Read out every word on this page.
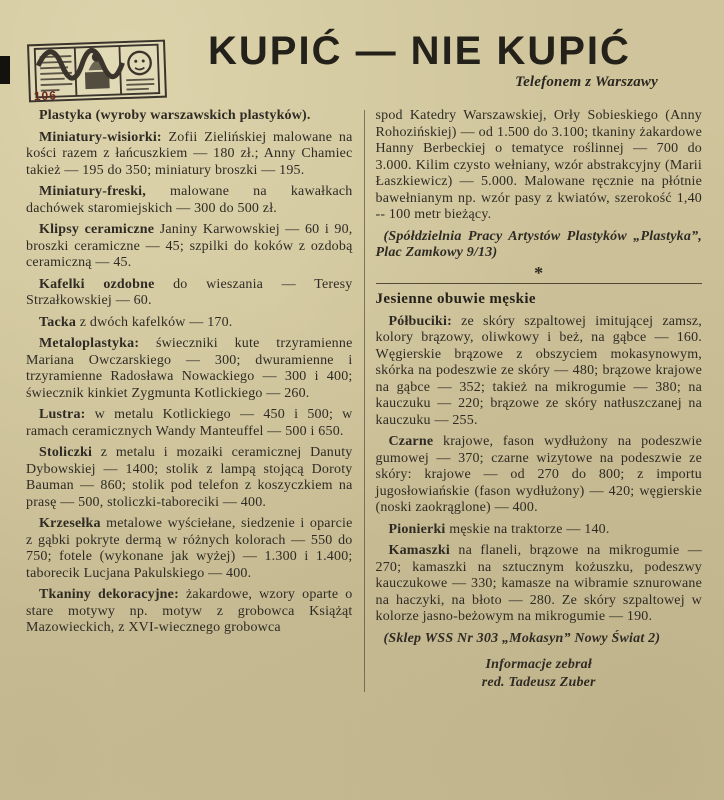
106
KUPIĆ — NIE KUPIĆ
Telefonem z Warszawy

Plastyka (wyroby warszawskich plastyków).

Miniatury-wisiorki: Zofii Zielińskiej malowane na kości razem z łańcuszkiem — 180 zł.; Anny Chamiec takież — 195 do 350; miniatury broszki — 195.

Miniatury-freski, malowane na kawałkach dachówek staromiejskich — 300 do 500 zł.

Klipsy ceramiczne Janiny Karwowskiej — 60 i 90, broszki ceramiczne — 45; szpilki do koków z ozdobą ceramiczną — 45.

Kafelki ozdobne do wieszania — Teresy Strzałkowskiej — 60.

Tacka z dwóch kafelków — 170.

Metaloplastyka: świeczniki kute trzyramienne Mariana Owczarskiego — 300; dwuramienne i trzyramienne Radosława Nowackiego — 300 i 400; świecznik kinkiet Zygmunta Kotlickiego — 260.

Lustra: w metalu Kotlickiego — 450 i 500; w ramach ceramicznych Wandy Manteuffel — 500 i 650.

Stoliczki z metalu i mozaiki ceramicznej Danuty Dybowskiej — 1400; stolik z lampą stojącą Doroty Bauman — 860; stolik pod telefon z koszyczkiem na prasę — 500, stoliczki-taboreciki — 400.

Krzesełka metalowe wyściełane, siedzenie i oparcie z gąbki pokryte dermą w różnych kolorach — 550 do 750; fotele (wykonane jak wyżej) — 1.300 i 1.400; taborecik Lucjana Pakulskiego — 400.

Tkaniny dekoracyjne: żakardowe, wzory oparte o stare motywy np. motyw z grobowca Książąt Mazowieckich, z XVI-wiecznego grobowca

spod Katedry Warszawskiej, Orły Sobieskiego (Anny Rohozińskiej) — od 1.500 do 3.100; tkaniny żakardowe Hanny Berbeckiej o tematyce roślinnej — 700 do 3.000. Kilim czysto wełniany, wzór abstrakcyjny (Marii Łaszkiewicz) — 5.000. Malowane ręcznie na płótnie bawełnianym np. wzór pasy z kwiatów, szerokość 1,40 -- 100 metr bieżący.

(Spółdzielnia Pracy Artystów Plastyków „Plastyka”, Plac Zamkowy 9/13)

*
Jesienne obuwie męskie

Półbuciki: ze skóry szpaltowej imitującej zamsz, kolory brązowy, oliwkowy i beż, na gąbce — 160. Węgierskie brązowe z obszyciem mokasynowym, skórka na podeszwie ze skóry — 480; brązowe krajowe na gąbce — 352; takież na mikrogumie — 380; na kauczuku — 220; brązowe ze skóry natłuszczanej na kauczuku — 255.

Czarne krajowe, fason wydłużony na podeszwie gumowej — 370; czarne wizytowe na podeszwie ze skóry: krajowe — od 270 do 800; z importu jugosłowiańskie (fason wydłużony) — 420; węgierskie (noski zaokrąglone) — 400.

Pionierki męskie na traktorze — 140.

Kamaszki na flaneli, brązowe na mikrogumie — 270; kamaszki na sztucznym kożuszku, podeszwy kauczukowe — 330; kamasze na wibramie sznurowane na haczyki, na błoto — 280. Ze skóry szpaltowej w kolorze jasno-beżowym na mikrogumie — 190.

(Sklep WSS Nr 303 „Mokasyn” Nowy Świat 2)

Informacje zebrał
red. Tadeusz Zuber
